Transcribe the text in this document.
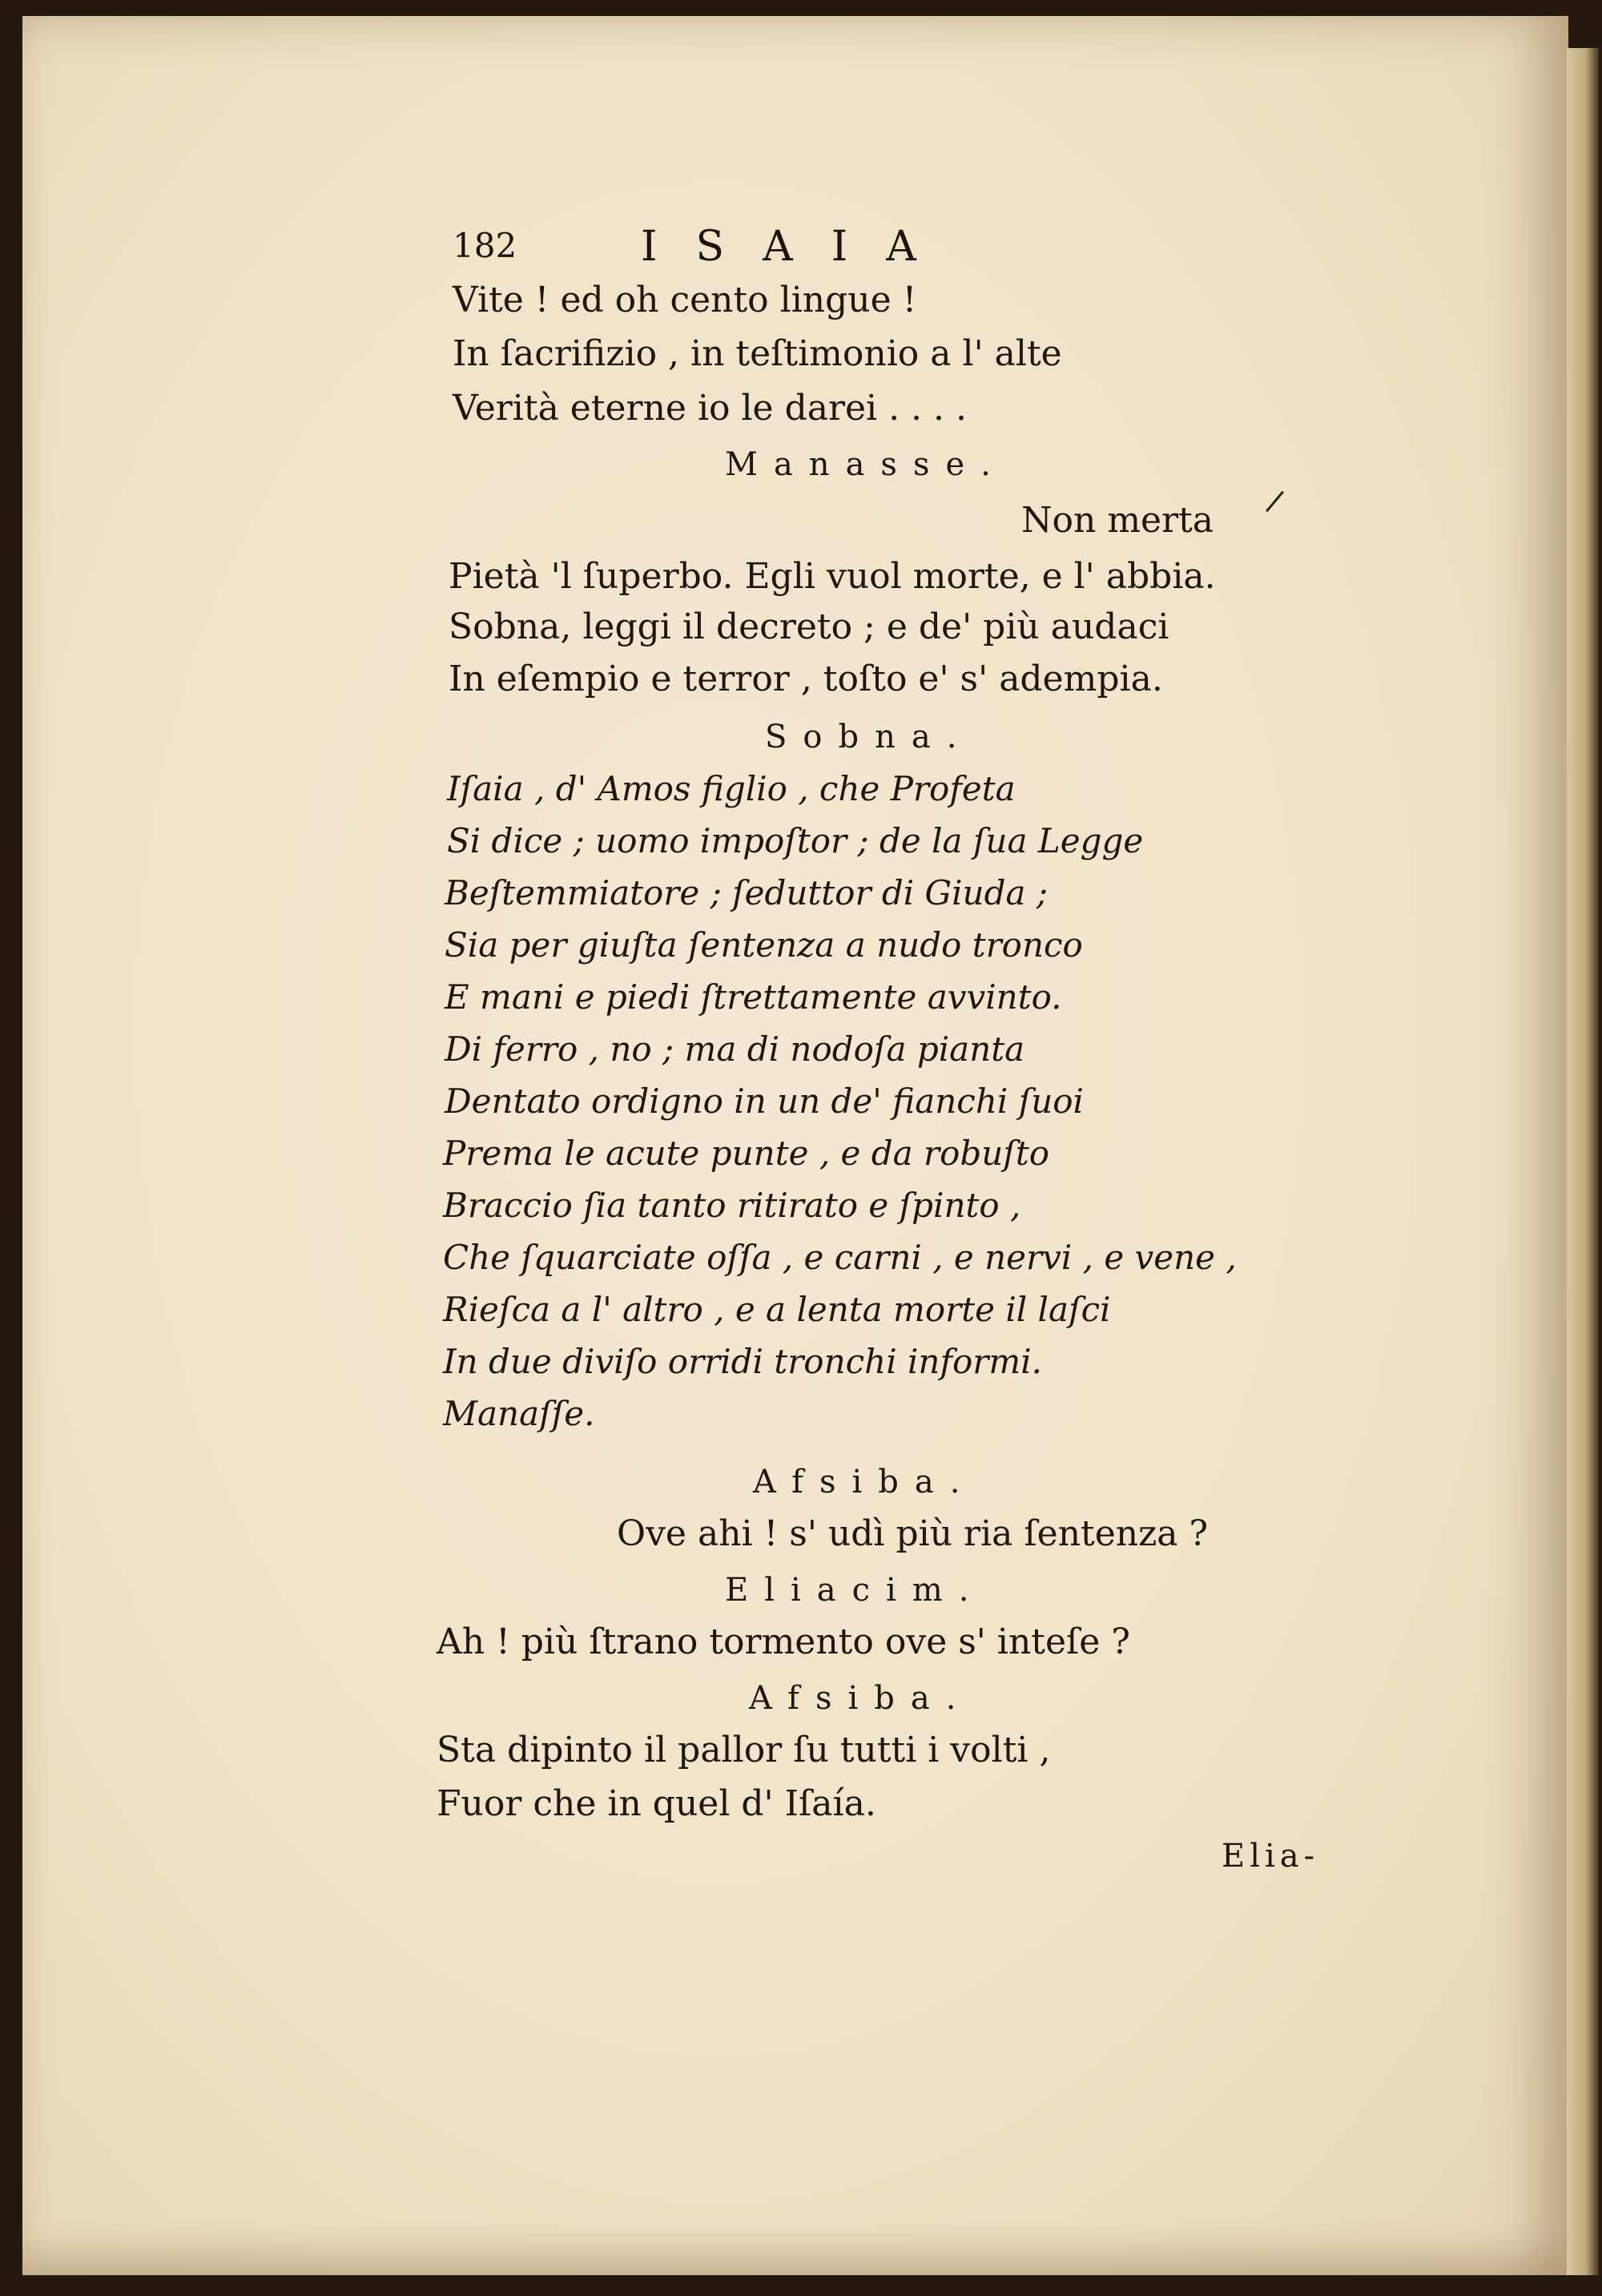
182	ISAIA
Vite ! ed oh cento lingue !
In ſacrifizio , in teſtimonio a l' alte
Verità eterne io le darei . . . .
Manasse.
Non merta
Pietà 'l ſuperbo. Egli vuol morte, e l' abbia.
Sobna, leggi il decreto ; e de' più audaci
In eſempio e terror , toſto e' s' adempia.
Sobna.
Iſaia , d' Amos figlio , che Profeta
Si dice ; uomo impoſtor ; de la ſua Legge
Beſtemmiatore ; ſeduttor di Giuda ;
Sia per giuſta ſentenza a nudo tronco
E mani e piedi ſtrettamente avvinto.
Di ferro , no ; ma di nodoſa pianta
Dentato ordigno in un de' fianchi ſuoi
Prema le acute punte , e da robuſto
Braccio ſia tanto ritirato e ſpinto ,
Che ſquarciate oſſa , e carni , e nervi , e vene ,
Rieſca a l' altro , e a lenta morte il laſci
In due diviſo orridi tronchi informi.
Manaſſe.
Afsiba.
Ove ahi ! s' udì più ria ſentenza ?
Eliacim.
Ah ! più ſtrano tormento ove s' inteſe ?
Afsiba.
Sta dipinto il pallor ſu tutti i volti ,
Fuor che in quel d' Iſaía.
Elia-
